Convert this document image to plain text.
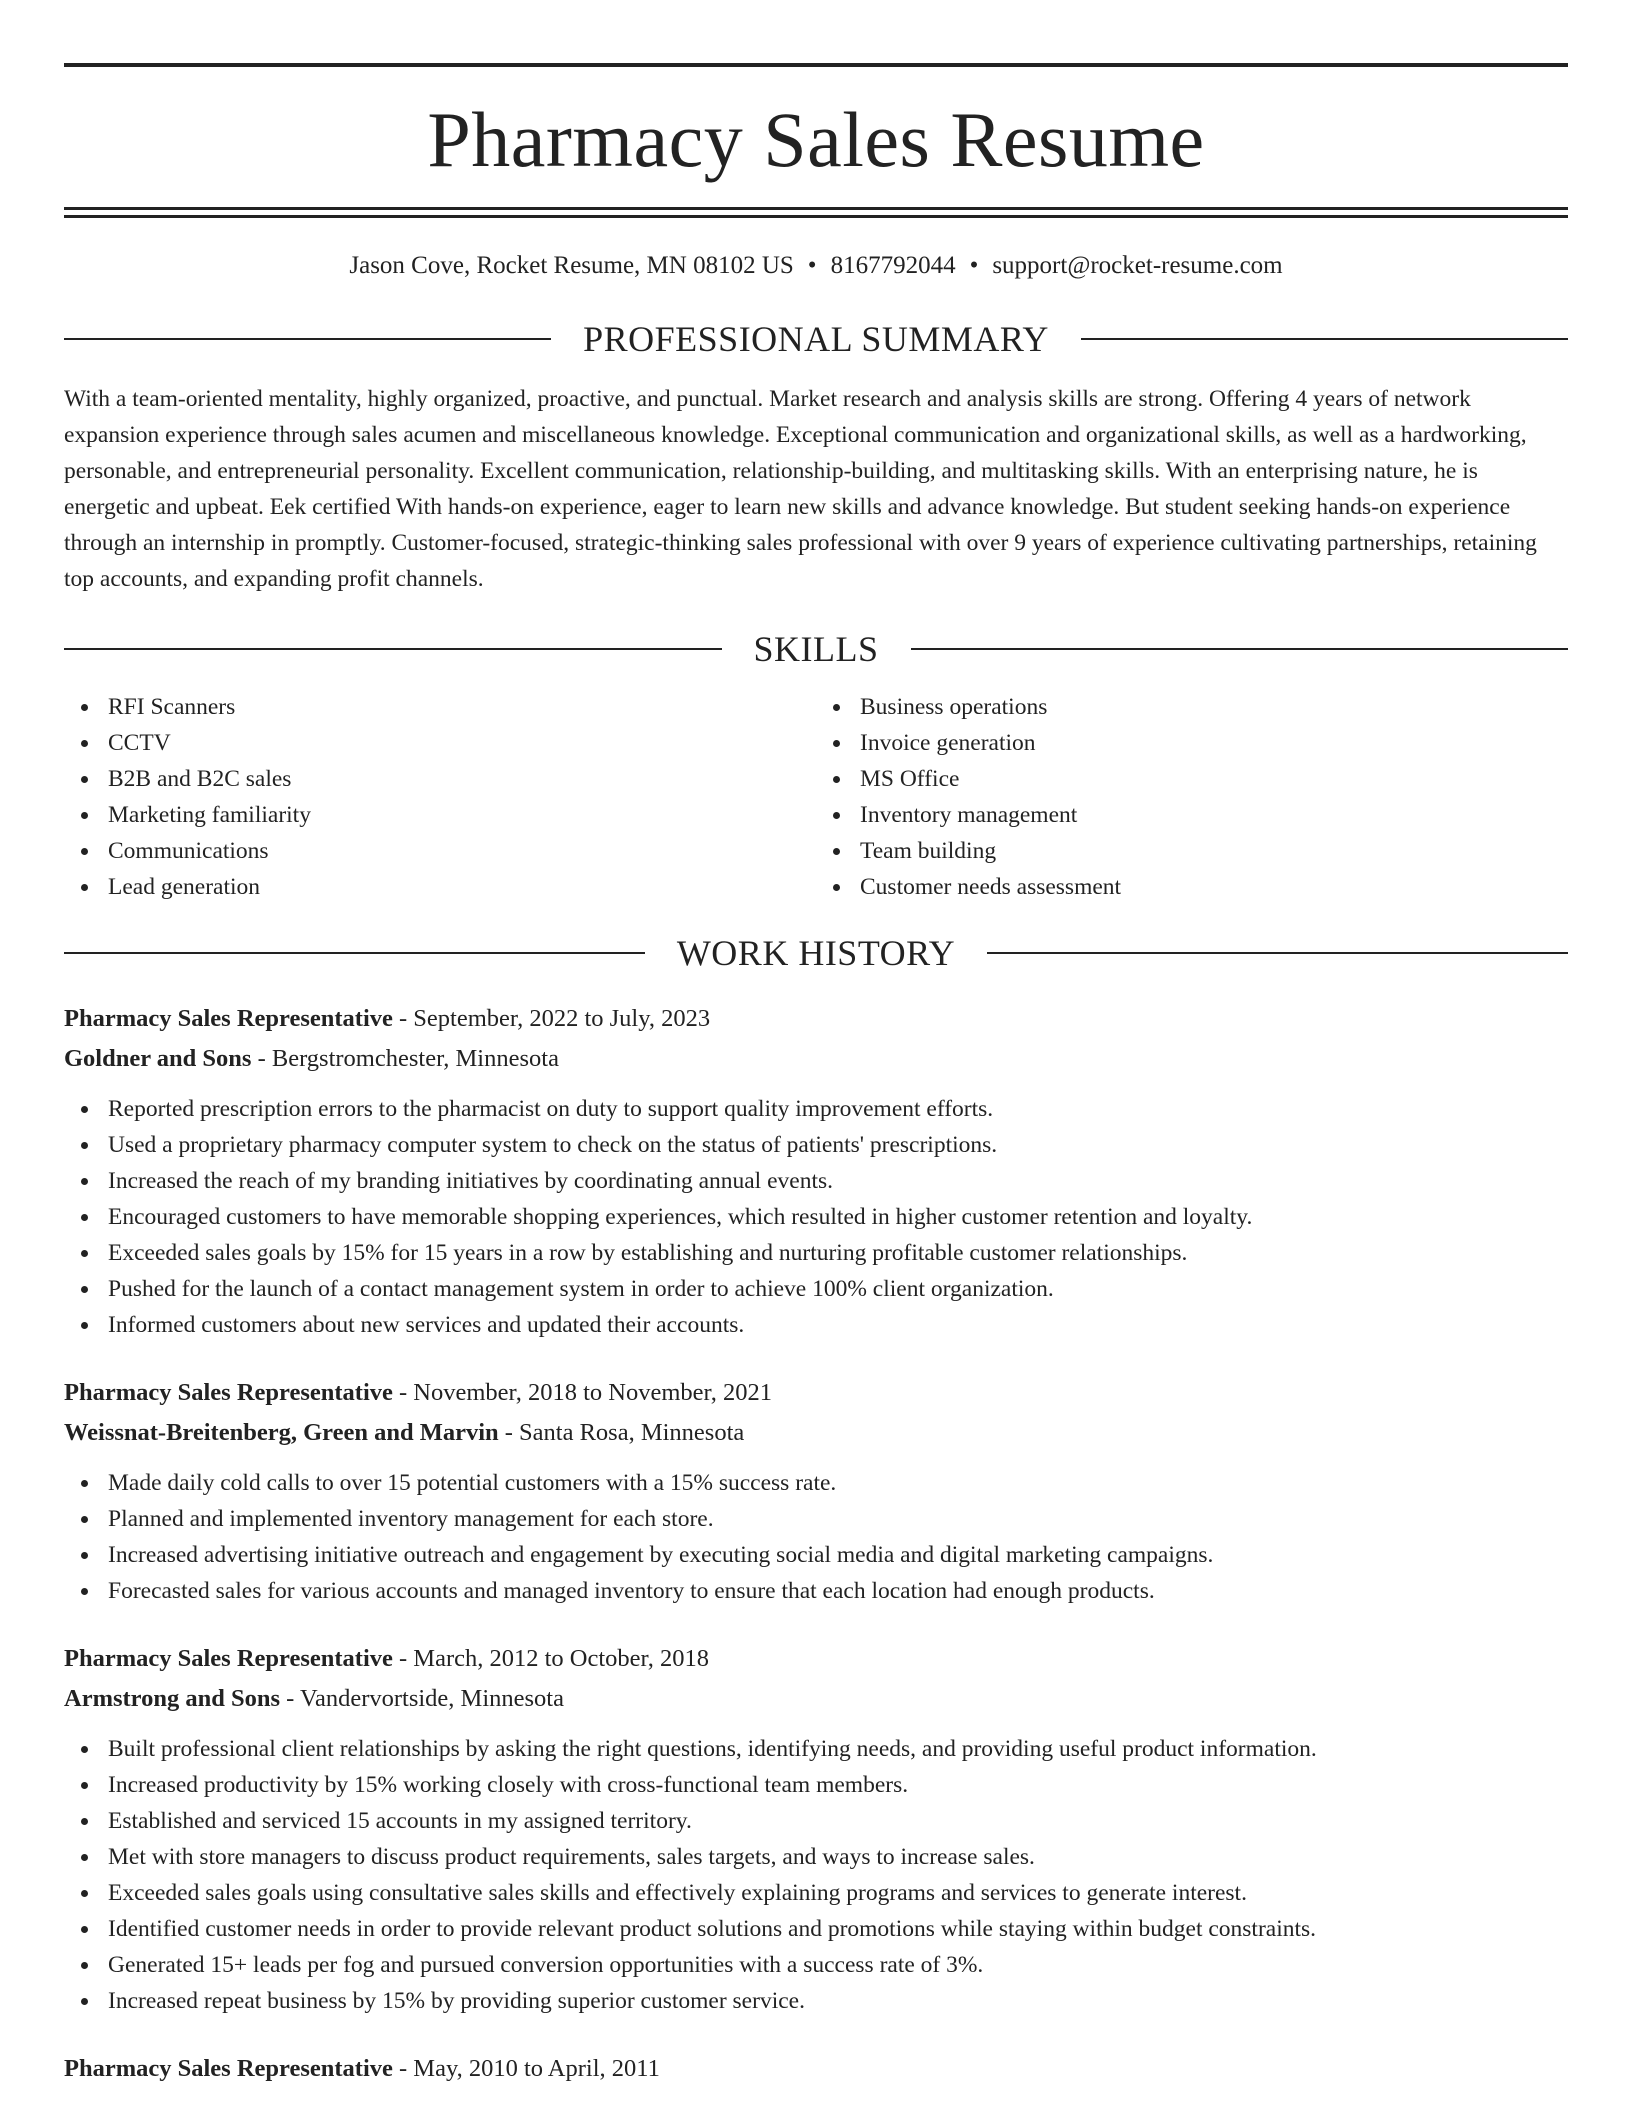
Pharmacy Sales Resume
Jason Cove, Rocket Resume, MN 08102 US • 8167792044 • support@rocket-resume.com
PROFESSIONAL SUMMARY
With a team-oriented mentality, highly organized, proactive, and punctual. Market research and analysis skills are strong. Offering 4 years of network expansion experience through sales acumen and miscellaneous knowledge. Exceptional communication and organizational skills, as well as a hardworking, personable, and entrepreneurial personality. Excellent communication, relationship-building, and multitasking skills. With an enterprising nature, he is energetic and upbeat. Eek certified With hands-on experience, eager to learn new skills and advance knowledge. But student seeking hands-on experience through an internship in promptly. Customer-focused, strategic-thinking sales professional with over 9 years of experience cultivating partnerships, retaining top accounts, and expanding profit channels.
SKILLS
RFI Scanners
CCTV
B2B and B2C sales
Marketing familiarity
Communications
Lead generation
Business operations
Invoice generation
MS Office
Inventory management
Team building
Customer needs assessment
WORK HISTORY
Pharmacy Sales Representative - September, 2022 to July, 2023
Goldner and Sons - Bergstromchester, Minnesota
Reported prescription errors to the pharmacist on duty to support quality improvement efforts.
Used a proprietary pharmacy computer system to check on the status of patients' prescriptions.
Increased the reach of my branding initiatives by coordinating annual events.
Encouraged customers to have memorable shopping experiences, which resulted in higher customer retention and loyalty.
Exceeded sales goals by 15% for 15 years in a row by establishing and nurturing profitable customer relationships.
Pushed for the launch of a contact management system in order to achieve 100% client organization.
Informed customers about new services and updated their accounts.
Pharmacy Sales Representative - November, 2018 to November, 2021
Weissnat-Breitenberg, Green and Marvin - Santa Rosa, Minnesota
Made daily cold calls to over 15 potential customers with a 15% success rate.
Planned and implemented inventory management for each store.
Increased advertising initiative outreach and engagement by executing social media and digital marketing campaigns.
Forecasted sales for various accounts and managed inventory to ensure that each location had enough products.
Pharmacy Sales Representative - March, 2012 to October, 2018
Armstrong and Sons - Vandervortside, Minnesota
Built professional client relationships by asking the right questions, identifying needs, and providing useful product information.
Increased productivity by 15% working closely with cross-functional team members.
Established and serviced 15 accounts in my assigned territory.
Met with store managers to discuss product requirements, sales targets, and ways to increase sales.
Exceeded sales goals using consultative sales skills and effectively explaining programs and services to generate interest.
Identified customer needs in order to provide relevant product solutions and promotions while staying within budget constraints.
Generated 15+ leads per fog and pursued conversion opportunities with a success rate of 3%.
Increased repeat business by 15% by providing superior customer service.
Pharmacy Sales Representative - May, 2010 to April, 2011
